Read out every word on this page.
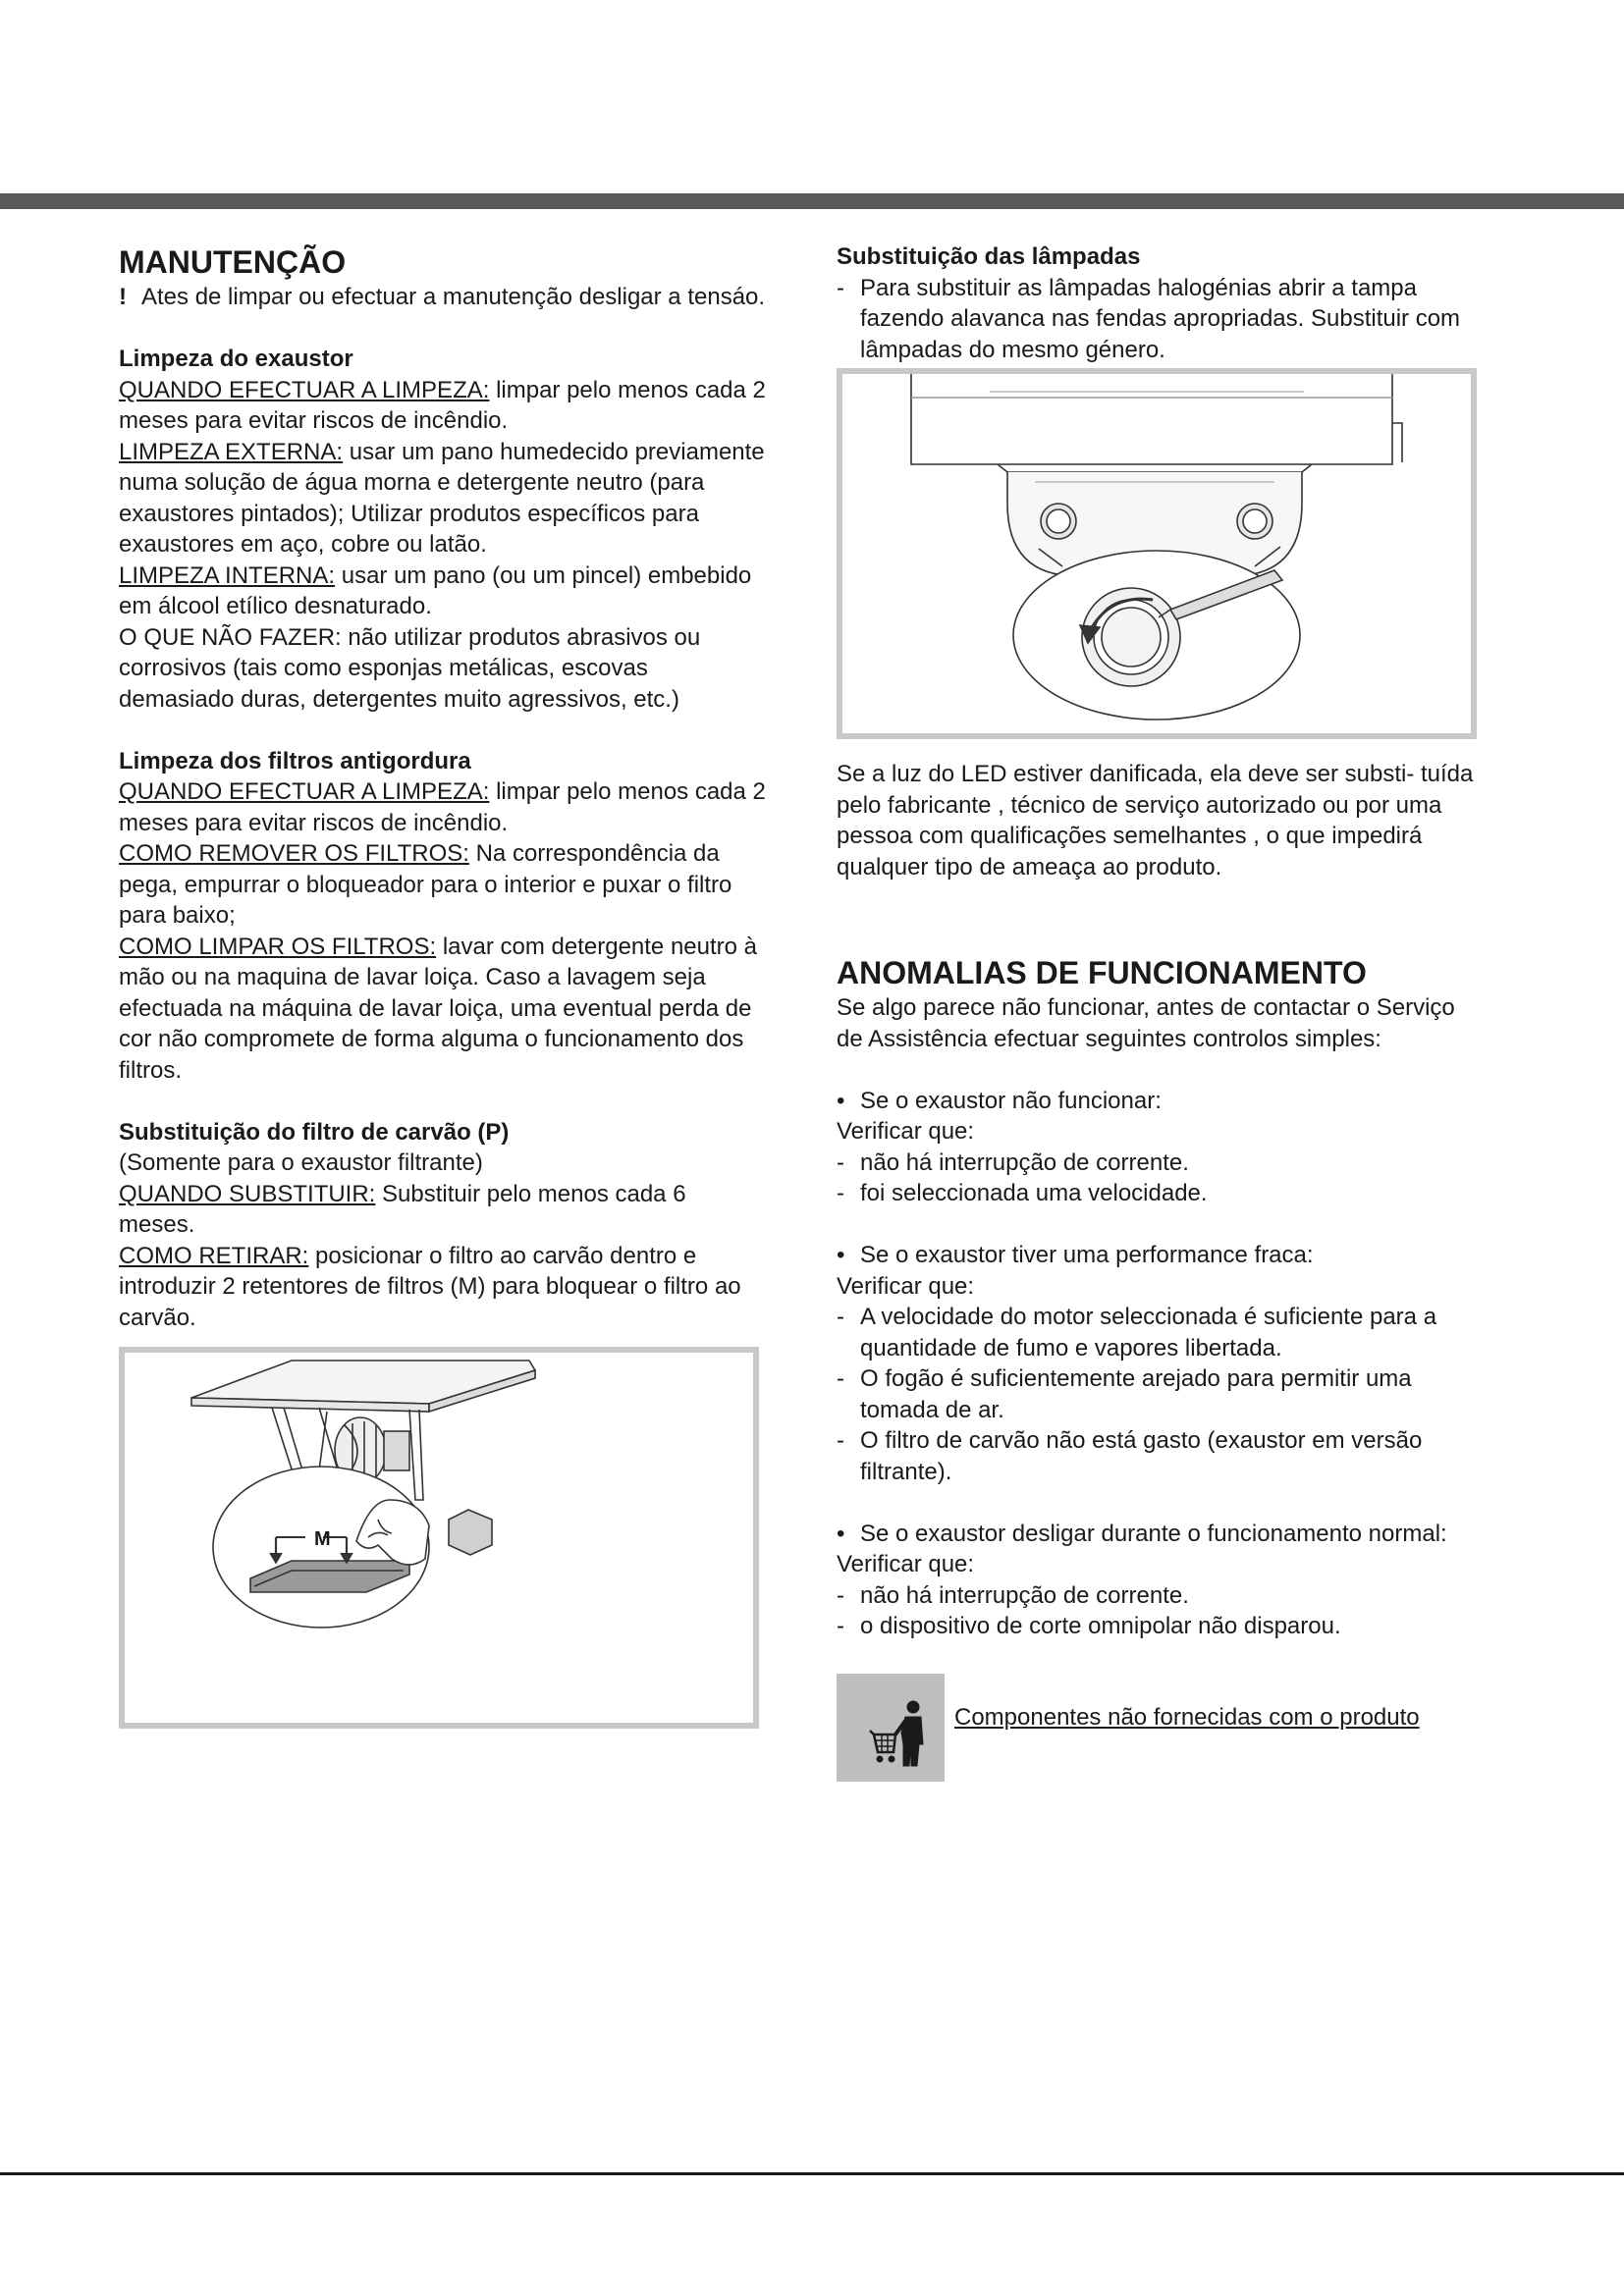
MANUTENÇÃO
! Ates de limpar ou efectuar a manutenção desligar a tensáo.
Limpeza do exaustor

QUANDO EFECTUAR A LIMPEZA: limpar pelo menos cada 2 meses para evitar riscos de incêndio.

LIMPEZA EXTERNA: usar um pano humedecido previamente numa solução de água morna e detergente neutro (para exaustores pintados); Utilizar produtos específicos para exaustores em aço, cobre ou latão.

LIMPEZA INTERNA: usar um pano (ou um pincel) embebido em álcool etílico desnaturado.

O QUE NÃO FAZER: não utilizar produtos abrasivos ou corrosivos (tais como esponjas metálicas, escovas demasiado duras, detergentes muito agressivos, etc.)

Limpeza dos filtros antigordura

QUANDO EFECTUAR A LIMPEZA: limpar pelo menos cada 2 meses para evitar riscos de incêndio.

COMO REMOVER OS FILTROS: Na correspondência da pega, empurrar o bloqueador para o interior e puxar o filtro para baixo;

COMO LIMPAR OS FILTROS: lavar com detergente neutro à mão ou na maquina de lavar loiça. Caso a lavagem seja efectuada na máquina de lavar loiça, uma eventual perda de cor não compromete de forma alguma o funcionamento dos filtros.

Substituição do filtro de carvão (P)

(Somente para o exaustor filtrante)

QUANDO SUBSTITUIR: Substituir pelo menos cada 6 meses.

COMO RETIRAR: posicionar o filtro ao carvão dentro e introduzir 2 retentores de filtros (M) para bloquear o filtro ao carvão.

M
Substituição das lâmpadas
- Para substituir as lâmpadas halogénias abrir a tampa fazendo alavanca nas fendas apropriadas. Substituir com lâmpadas do mesmo género.

Se a luz do LED estiver danificada, ela deve ser substi- tuída pelo fabricante , técnico de serviço autorizado ou por uma pessoa com qualificações semelhantes , o que impedirá qualquer tipo de ameaça ao produto.

ANOMALIAS DE FUNCIONAMENTO

Se algo parece não funcionar, antes de contactar o Serviço de Assistência efectuar seguintes controlos simples:

• Se o exaustor não funcionar:

Verificar que:

- não há interrupção de corrente.
- foi seleccionada uma velocidade.
• Se o exaustor tiver uma performance fraca:

Verificar que:

- A velocidade do motor seleccionada é suficiente para a quantidade de fumo e vapores libertada.
- O fogão é suficientemente arejado para permitir uma tomada de ar.
- O filtro de carvão não está gasto (exaustor em versão filtrante).
• Se o exaustor desligar durante o funcionamento normal:

Verificar que:

- não há interrupção de corrente.
- o dispositivo de corte omnipolar não disparou.
Componentes não fornecidas com o produto
